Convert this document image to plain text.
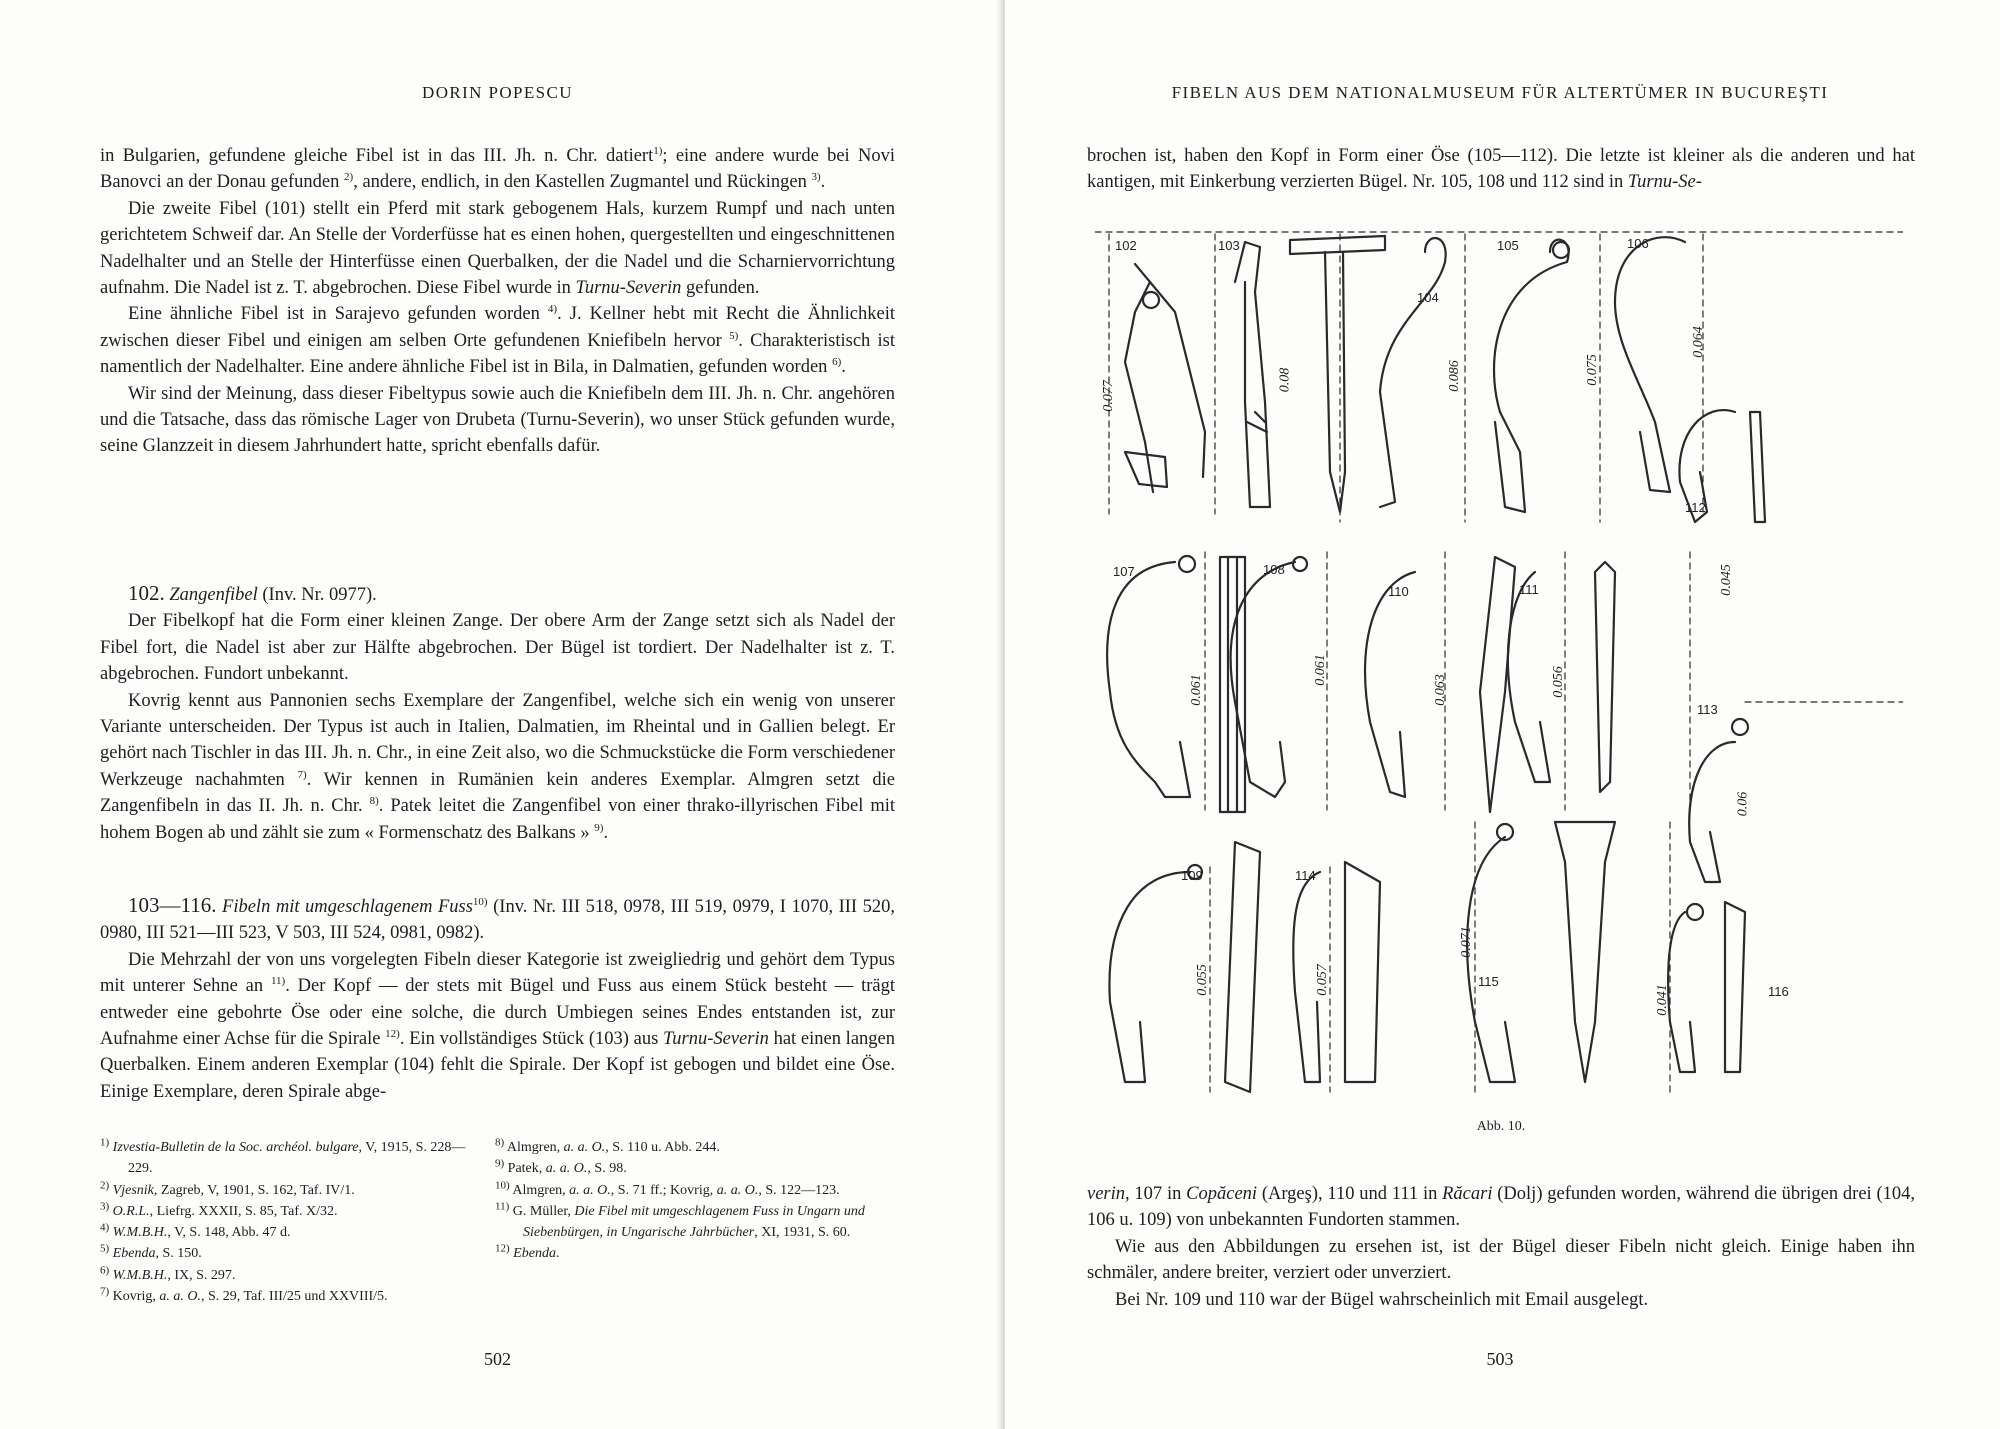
DORIN POPESCU

in Bulgarien, gefundene gleiche Fibel ist in das III. Jh. n. Chr. datiert$^{1)}$; eine andere wurde bei Novi Banovci an der Donau gefunden $^{2)}$, andere, endlich, in den Kastellen Zugmantel und Rückingen $^{3)}$.

Die zweite Fibel (101) stellt ein Pferd mit stark gebogenem Hals, kurzem Rumpf und nach unten gerichtetem Schweif dar. An Stelle der Vorderfüsse hat es einen hohen, quergestellten und eingeschnittenen Nadelhalter und an Stelle der Hinterfüsse einen Querbalken, der die Nadel und die Scharniervorrichtung aufnahm. Die Nadel ist z. T. abgebrochen. Diese Fibel wurde in Turnu-Severin gefunden.

Eine ähnliche Fibel ist in Sarajevo gefunden worden $^{4)}$. J. Kellner hebt mit Recht die Ähnlichkeit zwischen dieser Fibel und einigen am selben Orte gefundenen Kniefibeln hervor $^{5)}$. Charakteristisch ist namentlich der Nadelhalter. Eine andere ähnliche Fibel ist in Bila, in Dalmatien, gefunden worden $^{6)}$.

Wir sind der Meinung, dass dieser Fibeltypus sowie auch die Kniefibeln dem III. Jh. n. Chr. angehören und die Tatsache, dass das römische Lager von Drubeta (Turnu-Severin), wo unser Stück gefunden wurde, seine Glanzzeit in diesem Jahrhundert hatte, spricht ebenfalls dafür.

102. Zangenfibel (Inv. Nr. 0977).

Der Fibelkopf hat die Form einer kleinen Zange. Der obere Arm der Zange setzt sich als Nadel der Fibel fort, die Nadel ist aber zur Hälfte abgebrochen. Der Bügel ist tordiert. Der Nadelhalter ist z. T. abgebrochen. Fundort unbekannt.

Kovrig kennt aus Pannonien sechs Exemplare der Zangenfibel, welche sich ein wenig von unserer Variante unterscheiden. Der Typus ist auch in Italien, Dalmatien, im Rheintal und in Gallien belegt. Er gehört nach Tischler in das III. Jh. n. Chr., in eine Zeit also, wo die Schmuckstücke die Form verschiedener Werkzeuge nachahmten $^{7)}$. Wir kennen in Rumänien kein anderes Exemplar. Almgren setzt die Zangenfibeln in das II. Jh. n. Chr. $^{8)}$. Patek leitet die Zangenfibel von einer thrako-illyrischen Fibel mit hohem Bogen ab und zählt sie zum « Formenschatz des Balkans » $^{9)}$.

103—116. Fibeln mit umgeschlagenem Fuss$^{10)}$ (Inv. Nr. III 518, 0978, III 519, 0979, I 1070, III 520, 0980, III 521—III 523, V 503, III 524, 0981, 0982).

Die Mehrzahl der von uns vorgelegten Fibeln dieser Kategorie ist zweigliedrig und gehört dem Typus mit unterer Sehne an $^{11)}$. Der Kopf — der stets mit Bügel und Fuss aus einem Stück besteht — trägt entweder eine gebohrte Öse oder eine solche, die durch Umbiegen seines Endes entstanden ist, zur Aufnahme einer Achse für die Spirale $^{12)}$. Ein vollständiges Stück (103) aus Turnu-Severin hat einen langen Querbalken. Einem anderen Exemplar (104) fehlt die Spirale. Der Kopf ist gebogen und bildet eine Öse. Einige Exemplare, deren Spirale abge-

$^{1)}$ Izvestia-Bulletin de la Soc. archéol. bulgare, V, 1915, S. 228—229.

$^{2)}$ Vjesnik, Zagreb, V, 1901, S. 162, Taf. IV/1.

$^{3)}$ O.R.L., Liefrg. XXXII, S. 85, Taf. X/32.

$^{4)}$ W.M.B.H., V, S. 148, Abb. 47 d.

$^{5)}$ Ebenda, S. 150.

$^{6)}$ W.M.B.H., IX, S. 297.

$^{7)}$ Kovrig, a. a. O., S. 29, Taf. III/25 und XXVIII/5.

$^{8)}$ Almgren, a. a. O., S. 110 u. Abb. 244.

$^{9)}$ Patek, a. a. O., S. 98.

$^{10)}$ Almgren, a. a. O., S. 71 ff.; Kovrig, a. a. O., S. 122—123.

$^{11)}$ G. Müller, Die Fibel mit umgeschlagenem Fuss in Ungarn und Siebenbürgen, in Ungarische Jahrbücher, XI, 1931, S. 60.

$^{12)}$ Ebenda.

502
FIBELN AUS DEM NATIONALMUSEUM FÜR ALTERTÜMER IN BUCUREŞTI

brochen ist, haben den Kopf in Form einer Öse (105—112). Die letzte ist kleiner als die anderen und hat kantigen, mit Einkerbung verzierten Bügel. Nr. 105, 108 und 112 sind in Turnu-Se-

102	103
104
105	106
107	108
110	111
112
113
109	114
115
116
0.077
0.08	0.086	0.075
0.064
0.061
0.061
0.063	0.056
0.045
0.06
0.055	0.057
0.071
0.041
Abb. 10.

verin, 107 in Copăceni (Argeş), 110 und 111 in Răcari (Dolj) gefunden worden, während die übrigen drei (104, 106 u. 109) von unbekannten Fundorten stammen.

Wie aus den Abbildungen zu ersehen ist, ist der Bügel dieser Fibeln nicht gleich. Einige haben ihn schmäler, andere breiter, verziert oder unverziert.

Bei Nr. 109 und 110 war der Bügel wahrscheinlich mit Email ausgelegt.

503
